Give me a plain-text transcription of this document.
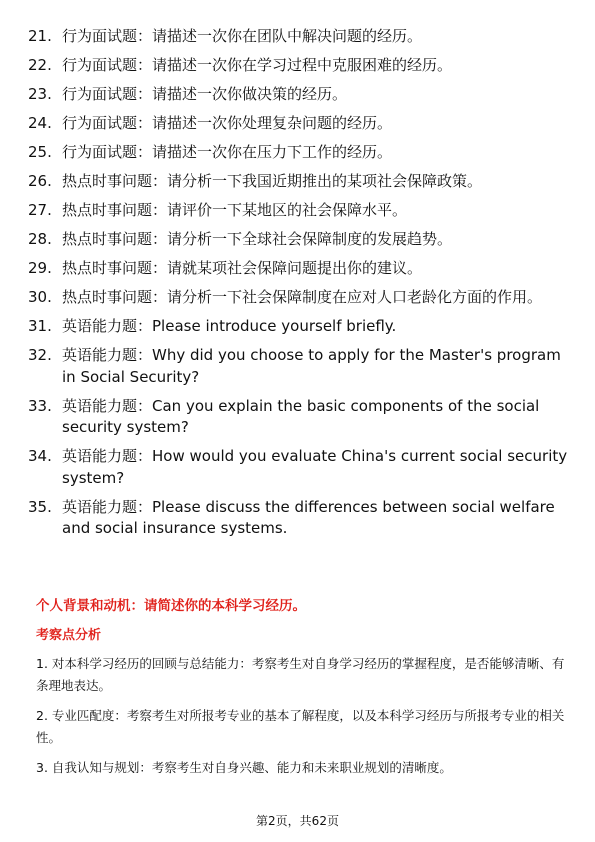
21. 行为面试题：请描述一次你在团队中解决问题的经历。
22. 行为面试题：请描述一次你在学习过程中克服困难的经历。
23. 行为面试题：请描述一次你做决策的经历。
24. 行为面试题：请描述一次你处理复杂问题的经历。
25. 行为面试题：请描述一次你在压力下工作的经历。
26. 热点时事问题：请分析一下我国近期推出的某项社会保障政策。
27. 热点时事问题：请评价一下某地区的社会保障水平。
28. 热点时事问题：请分析一下全球社会保障制度的发展趋势。
29. 热点时事问题：请就某项社会保障问题提出你的建议。
30. 热点时事问题：请分析一下社会保障制度在应对人口老龄化方面的作用。
31. 英语能力题：Please introduce yourself briefly.
32. 英语能力题：Why did you choose to apply for the Master's program in Social Security?
33. 英语能力题：Can you explain the basic components of the social security system?
34. 英语能力题：How would you evaluate China's current social security system?
35. 英语能力题：Please discuss the differences between social welfare and social insurance systems.
个人背景和动机：请简述你的本科学习经历。
考察点分析
1. 对本科学习经历的回顾与总结能力：考察考生对自身学习经历的掌握程度，是否能够清晰、有条理地表达。
2. 专业匹配度：考察考生对所报考专业的基本了解程度，以及本科学习经历与所报考专业的相关性。
3. 自我认知与规划：考察考生对自身兴趣、能力和未来职业规划的清晰度。
第2页，共62页
